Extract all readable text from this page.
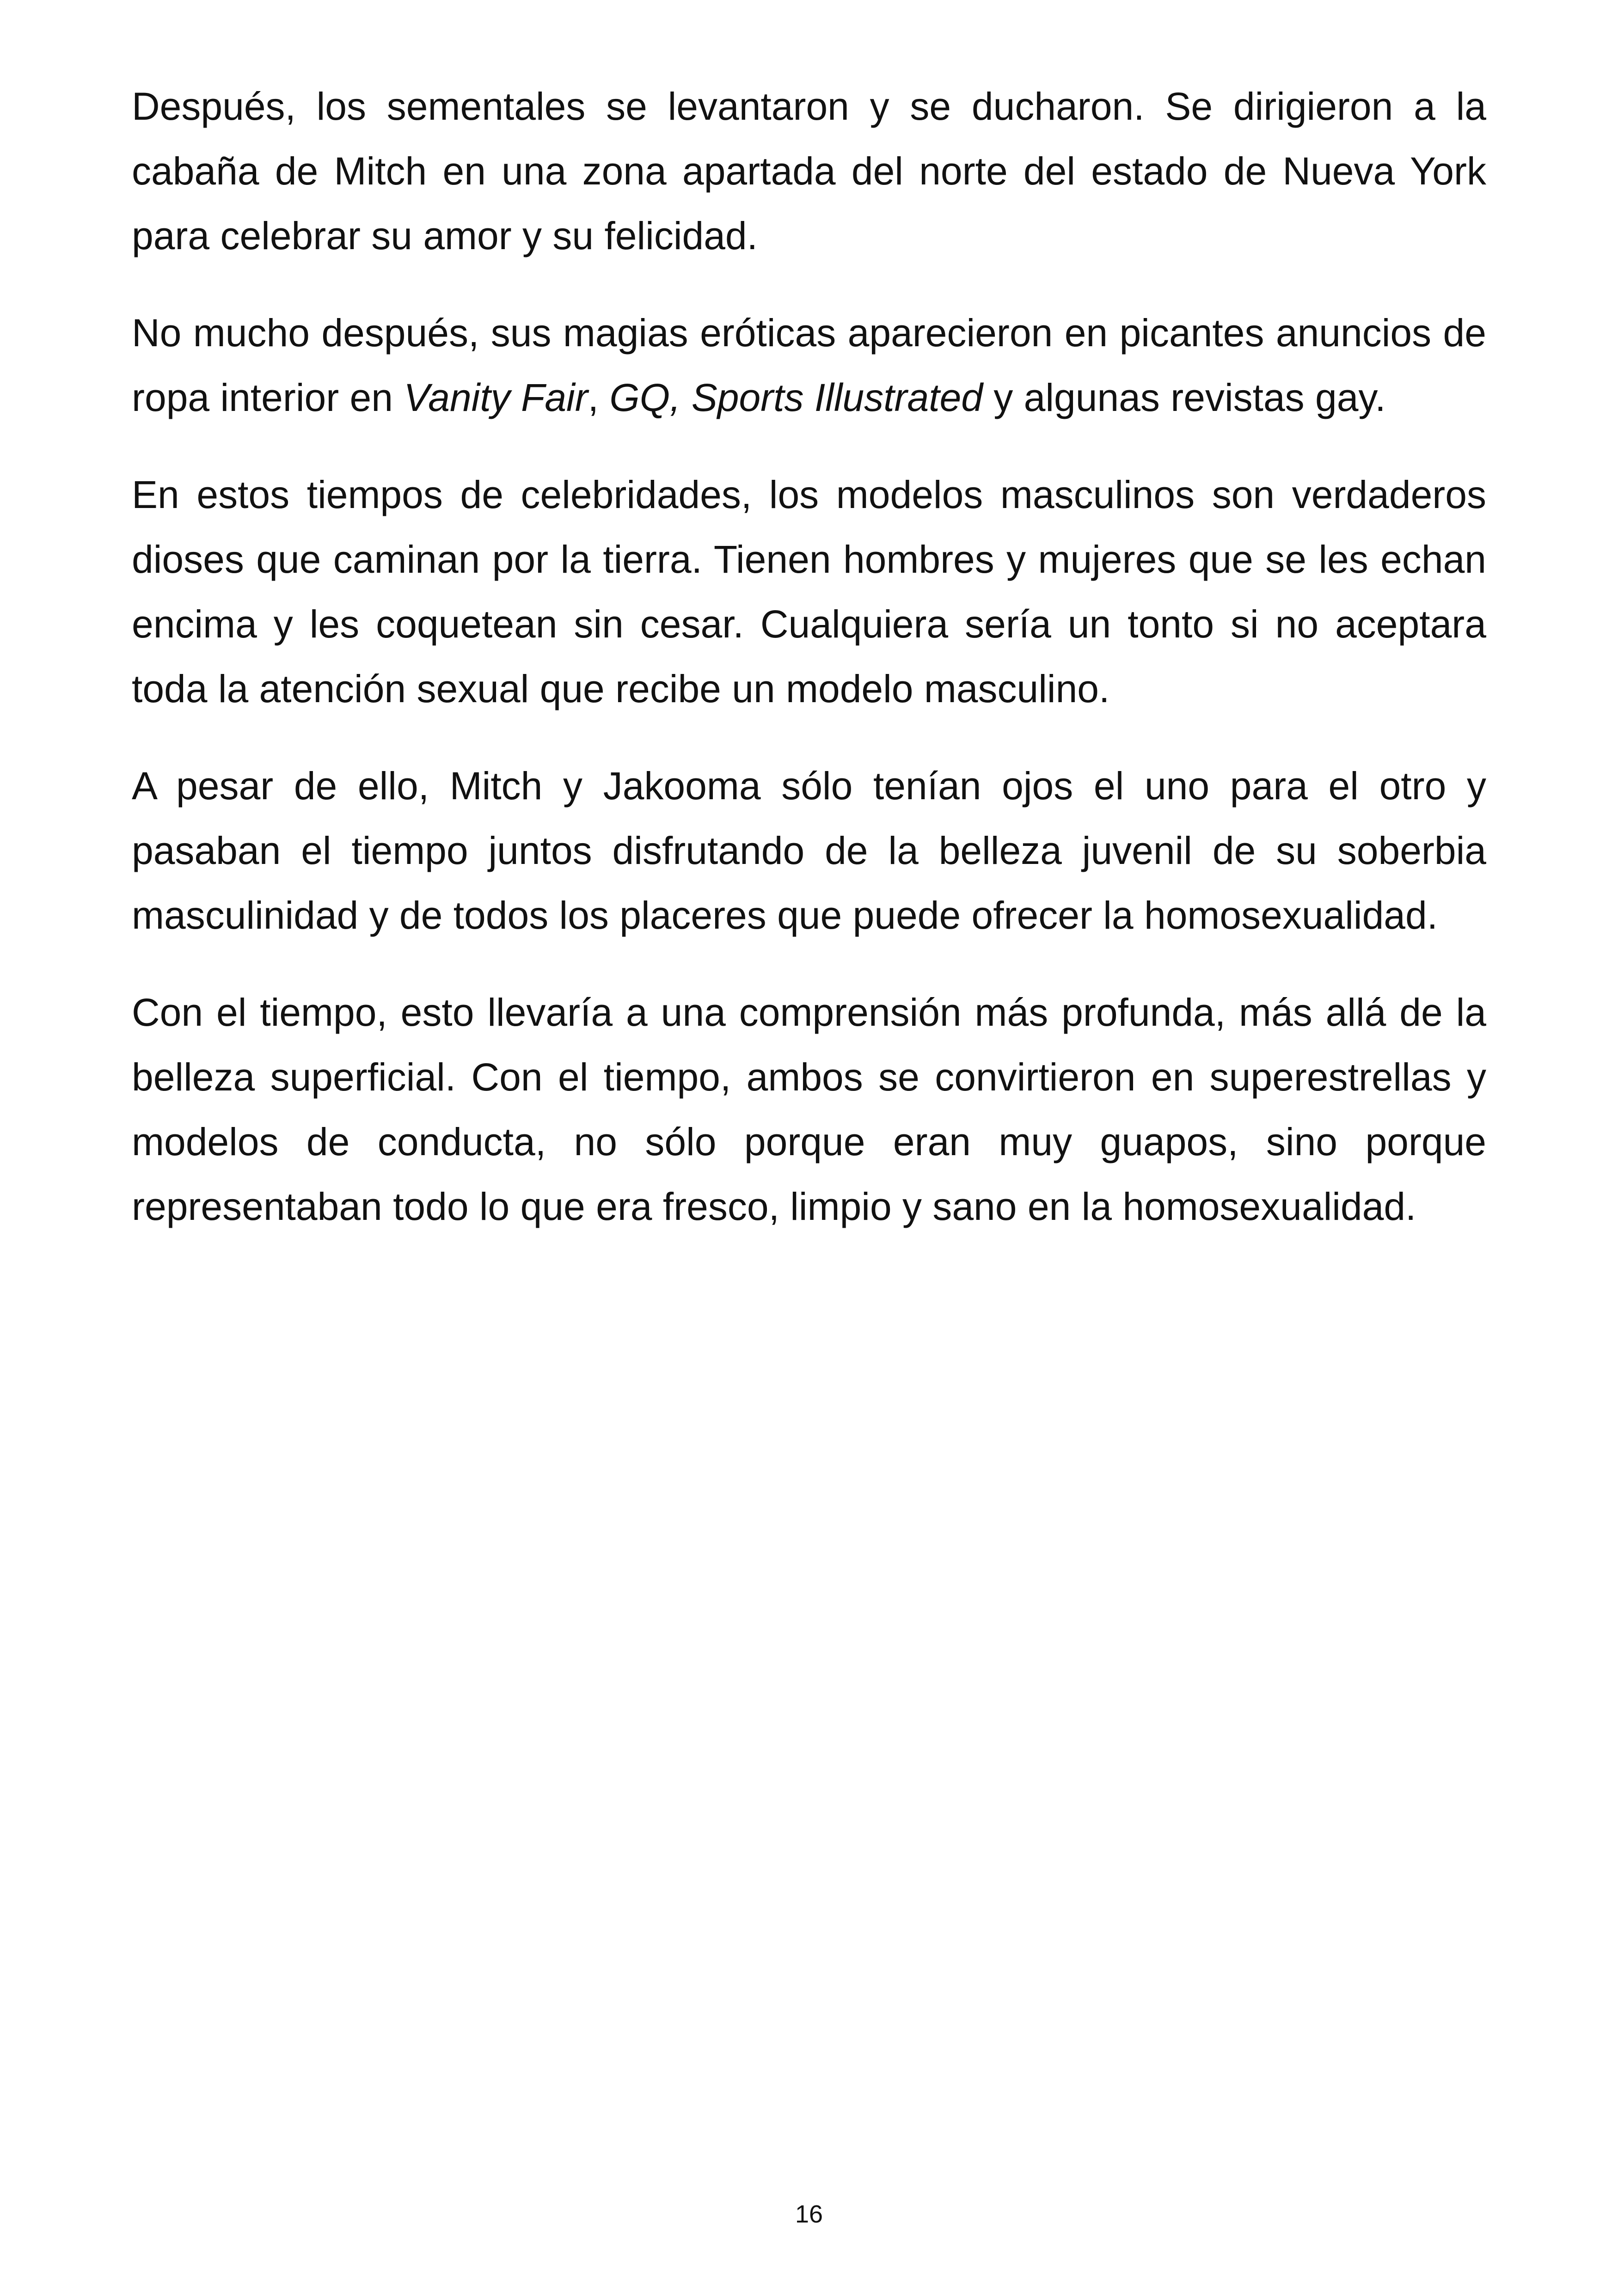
Después, los sementales se levantaron y se ducharon. Se dirigieron a la cabaña de Mitch en una zona apartada del norte del estado de Nueva York para celebrar su amor y su felicidad.

No mucho después, sus magias eróticas aparecieron en picantes anuncios de ropa interior en Vanity Fair, GQ, Sports Illustrated y algunas revistas gay.

En estos tiempos de celebridades, los modelos masculinos son verdaderos dioses que caminan por la tierra. Tienen hombres y mujeres que se les echan encima y les coquetean sin cesar. Cualquiera sería un tonto si no aceptara toda la atención sexual que recibe un modelo masculino.

A pesar de ello, Mitch y Jakooma sólo tenían ojos el uno para el otro y pasaban el tiempo juntos disfrutando de la belleza juvenil de su soberbia masculinidad y de todos los placeres que puede ofrecer la homosexualidad.

Con el tiempo, esto llevaría a una comprensión más profunda, más allá de la belleza superficial. Con el tiempo, ambos se convirtieron en superestrellas y modelos de conducta, no sólo porque eran muy guapos, sino porque representaban todo lo que era fresco, limpio y sano en la homosexualidad.

16
